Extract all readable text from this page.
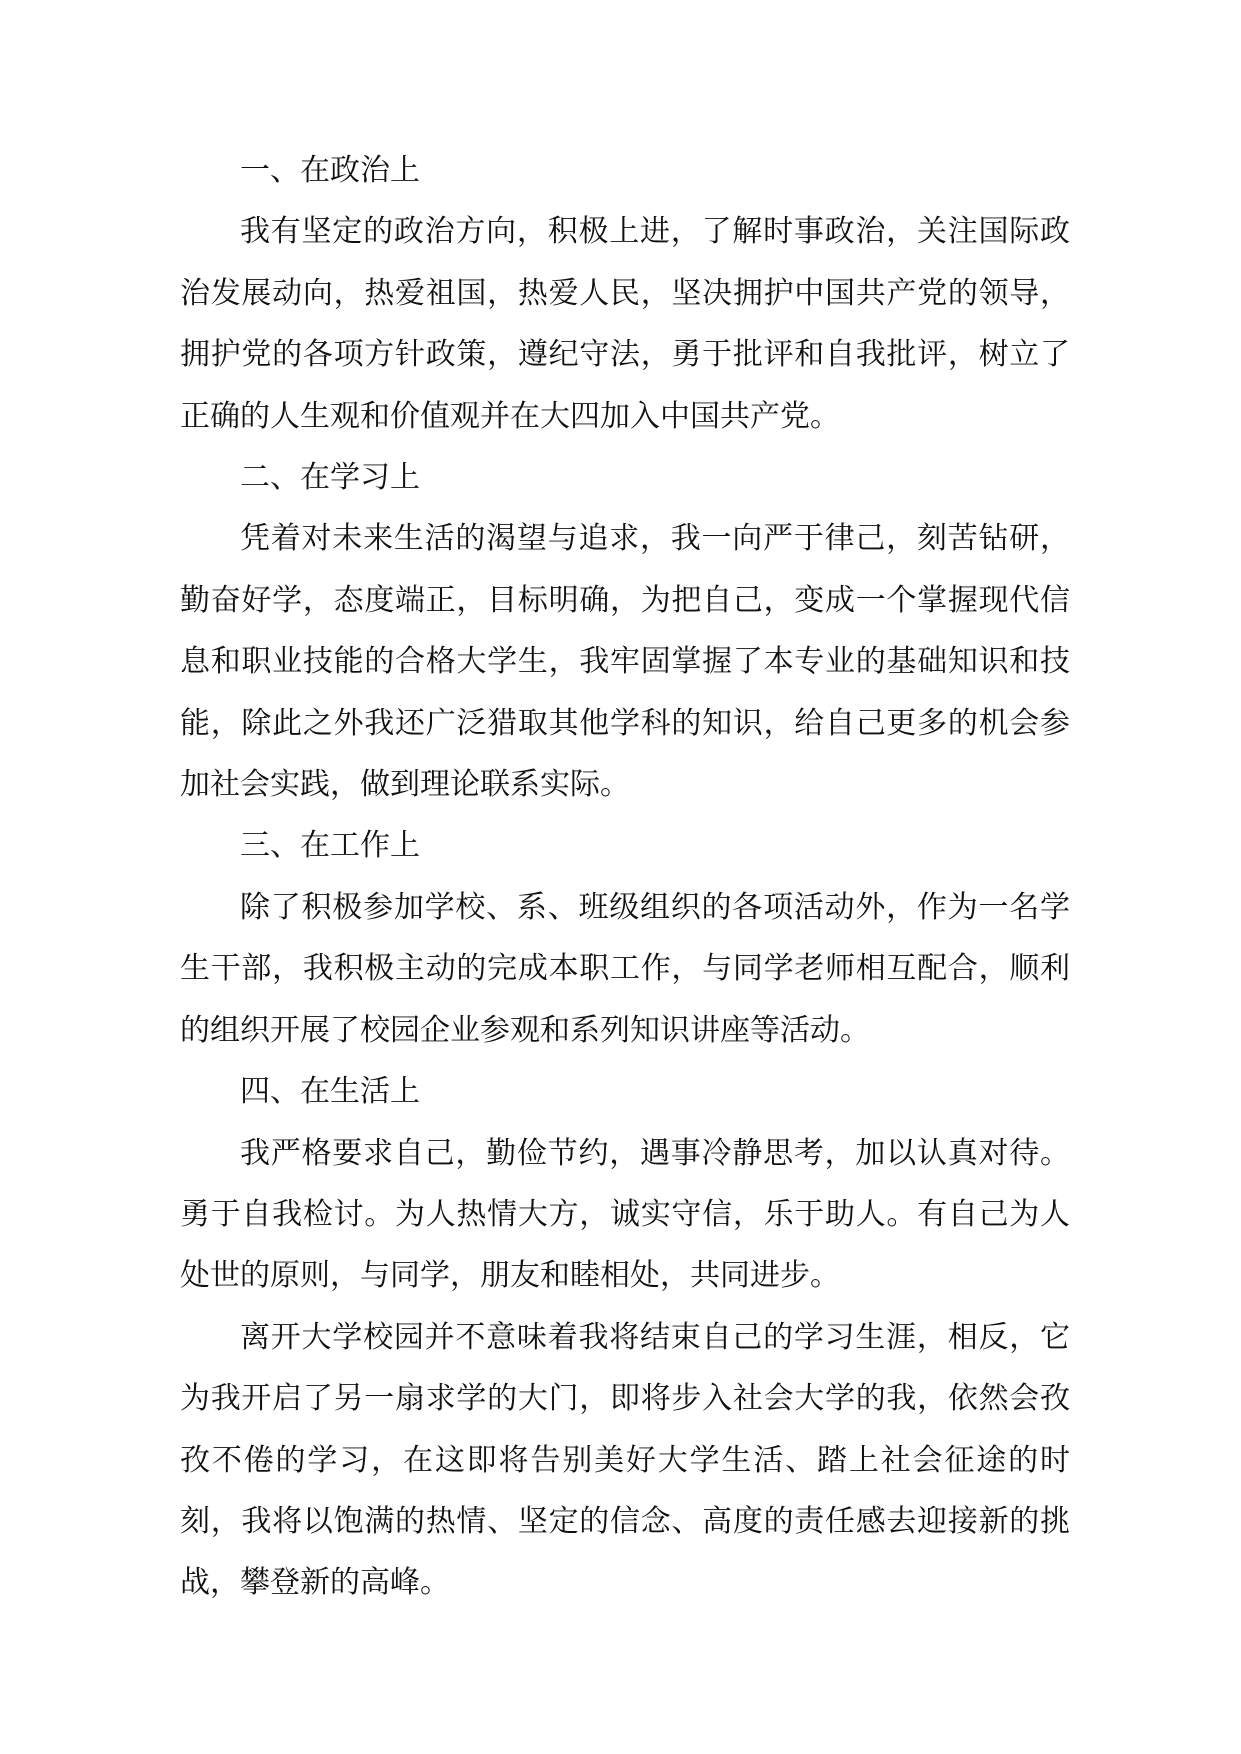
一、在政治上

我有坚定的政治方向，积极上进，了解时事政治，关注国际政治发展动向，热爱祖国，热爱人民，坚决拥护中国共产党的领导，拥护党的各项方针政策，遵纪守法，勇于批评和自我批评，树立了正确的人生观和价值观并在大四加入中国共产党。

二、在学习上

凭着对未来生活的渴望与追求，我一向严于律己，刻苦钻研，勤奋好学，态度端正，目标明确，为把自己，变成一个掌握现代信息和职业技能的合格大学生，我牢固掌握了本专业的基础知识和技能，除此之外我还广泛猎取其他学科的知识，给自己更多的机会参加社会实践，做到理论联系实际。

三、在工作上

除了积极参加学校、系、班级组织的各项活动外，作为一名学生干部，我积极主动的完成本职工作，与同学老师相互配合，顺利的组织开展了校园企业参观和系列知识讲座等活动。

四、在生活上

我严格要求自己，勤俭节约，遇事冷静思考，加以认真对待。勇于自我检讨。为人热情大方，诚实守信，乐于助人。有自己为人处世的原则，与同学，朋友和睦相处，共同进步。

离开大学校园并不意味着我将结束自己的学习生涯，相反，它为我开启了另一扇求学的大门，即将步入社会大学的我，依然会孜孜不倦的学习，在这即将告别美好大学生活、踏上社会征途的时刻，我将以饱满的热情、坚定的信念、高度的责任感去迎接新的挑战，攀登新的高峰。
